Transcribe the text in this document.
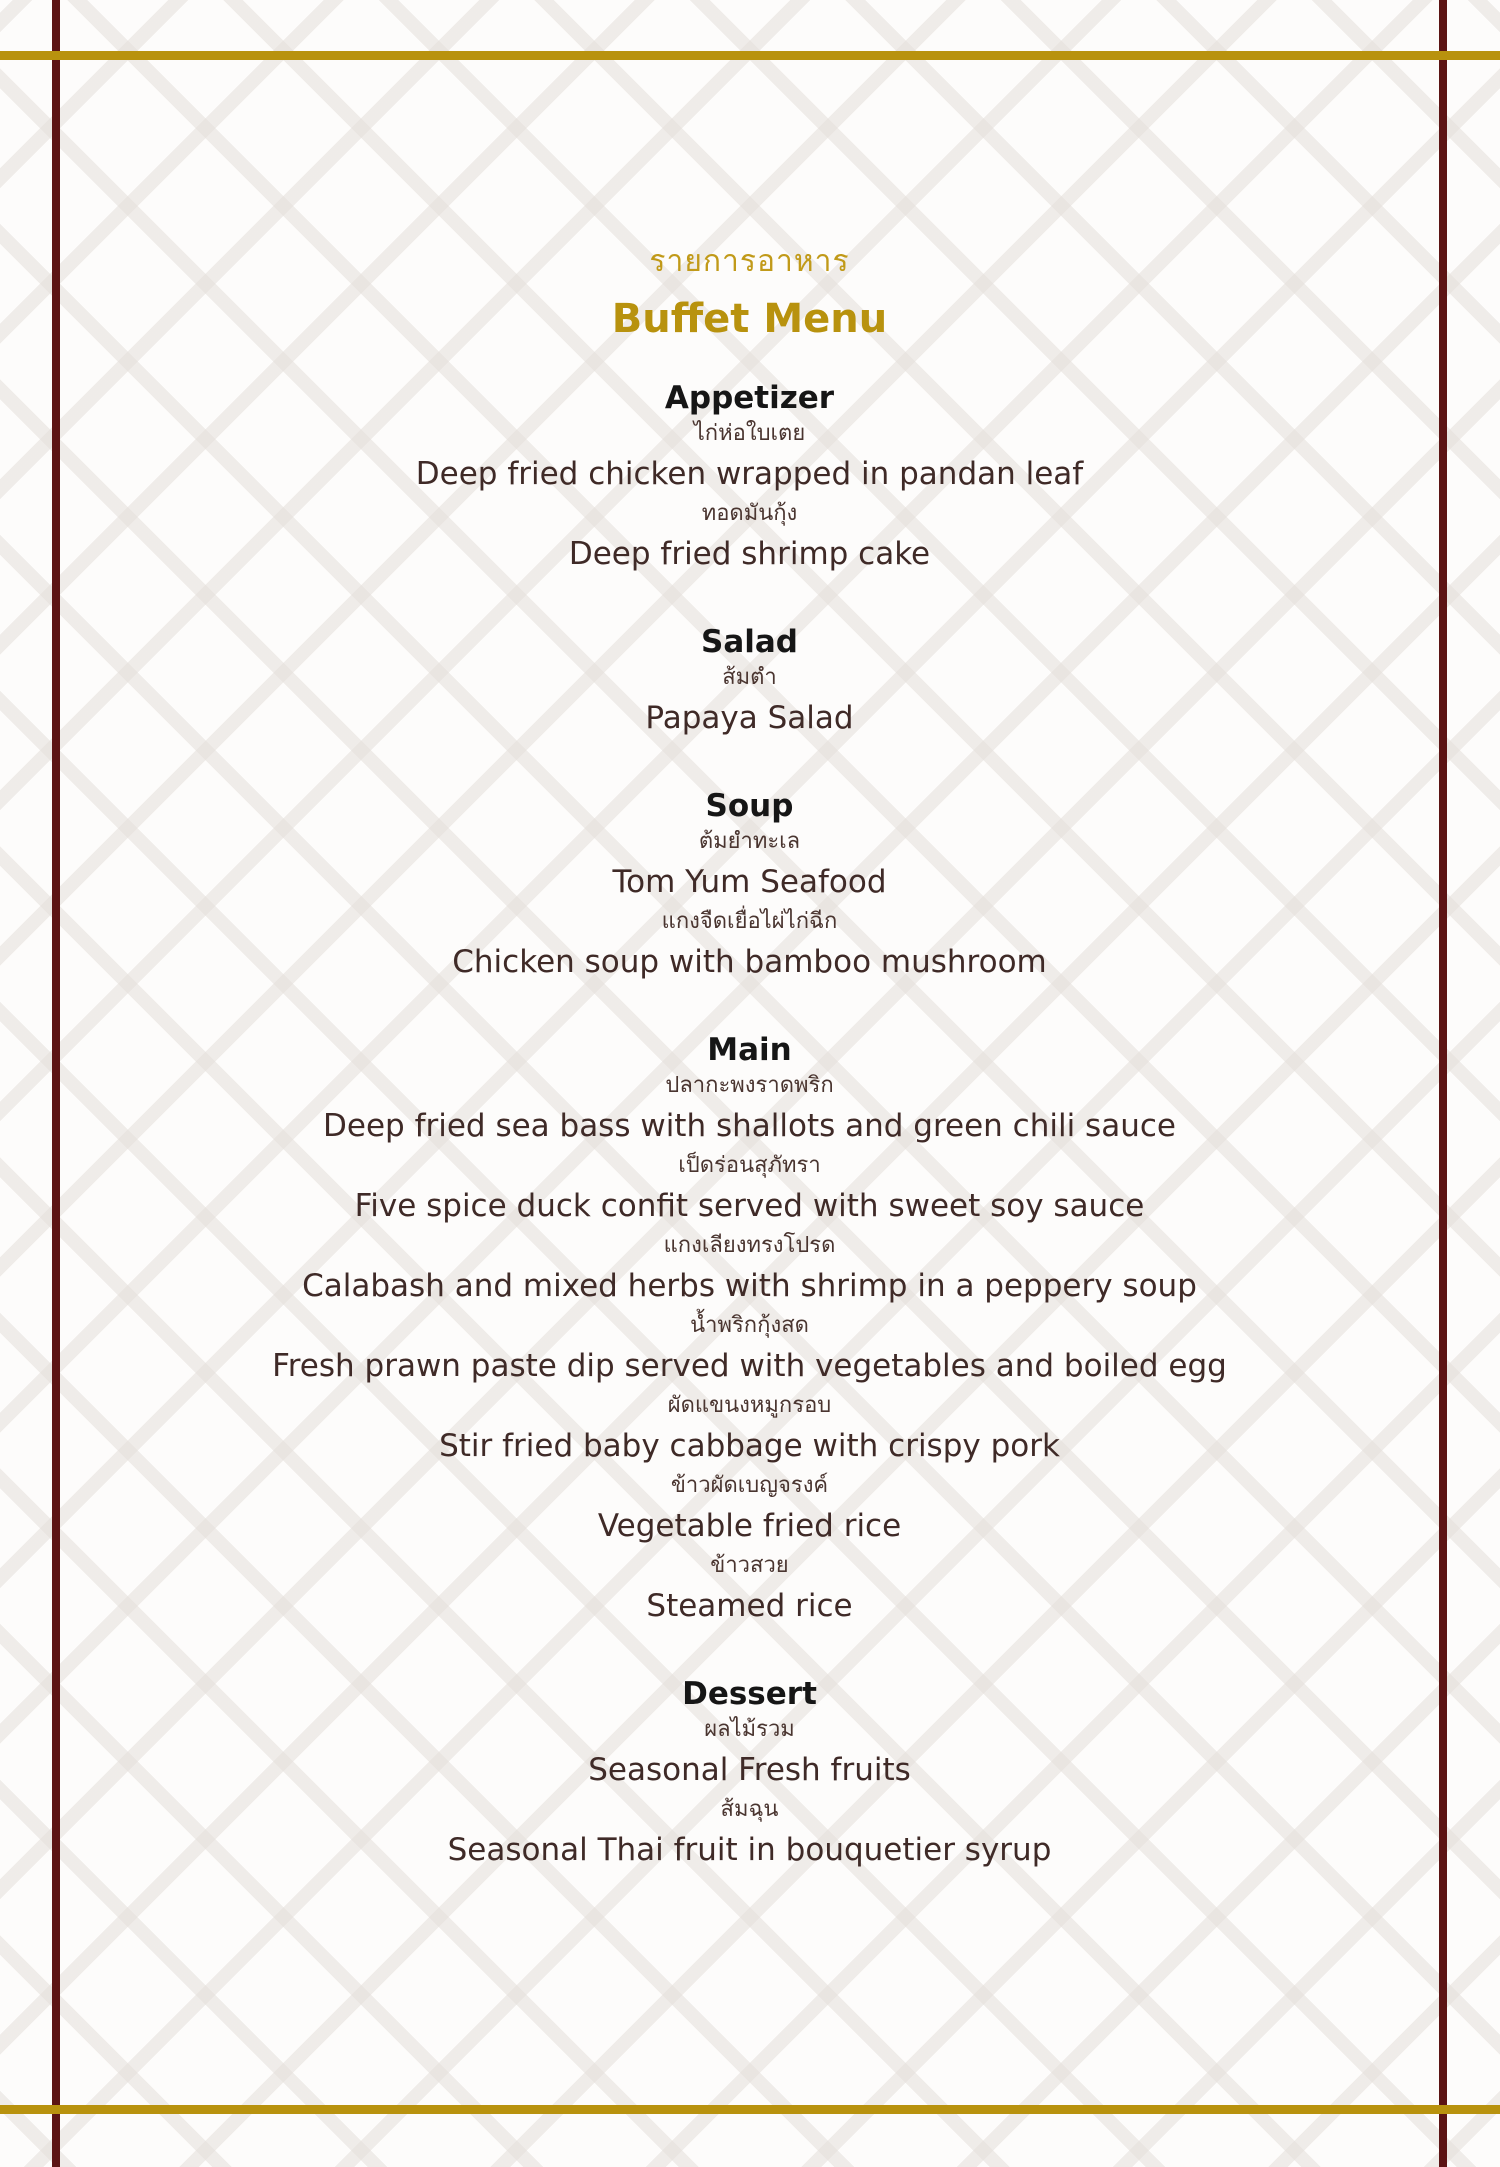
รายการอาหาร
Buffet Menu
Appetizer
ไก่ห่อใบเตย
Deep fried chicken wrapped in pandan leaf
ทอดมันกุ้ง
Deep fried shrimp cake
Salad
ส้มตำ
Papaya Salad
Soup
ต้มยำทะเล
Tom Yum Seafood
แกงจืดเยื่อไผ่ไก่ฉีก
Chicken soup with bamboo mushroom
Main
ปลากะพงราดพริก
Deep fried sea bass with shallots and green chili sauce
เป็ดร่อนสุภัทรา
Five spice duck confit served with sweet soy sauce
แกงเลียงทรงโปรด
Calabash and mixed herbs with shrimp in a peppery soup
น้ำพริกกุ้งสด
Fresh prawn paste dip served with vegetables and boiled egg
ผัดแขนงหมูกรอบ
Stir fried baby cabbage with crispy pork
ข้าวผัดเบญจรงค์
Vegetable fried rice
ข้าวสวย
Steamed rice
Dessert
ผลไม้รวม
Seasonal Fresh fruits
ส้มฉุน
Seasonal Thai fruit in bouquetier syrup
